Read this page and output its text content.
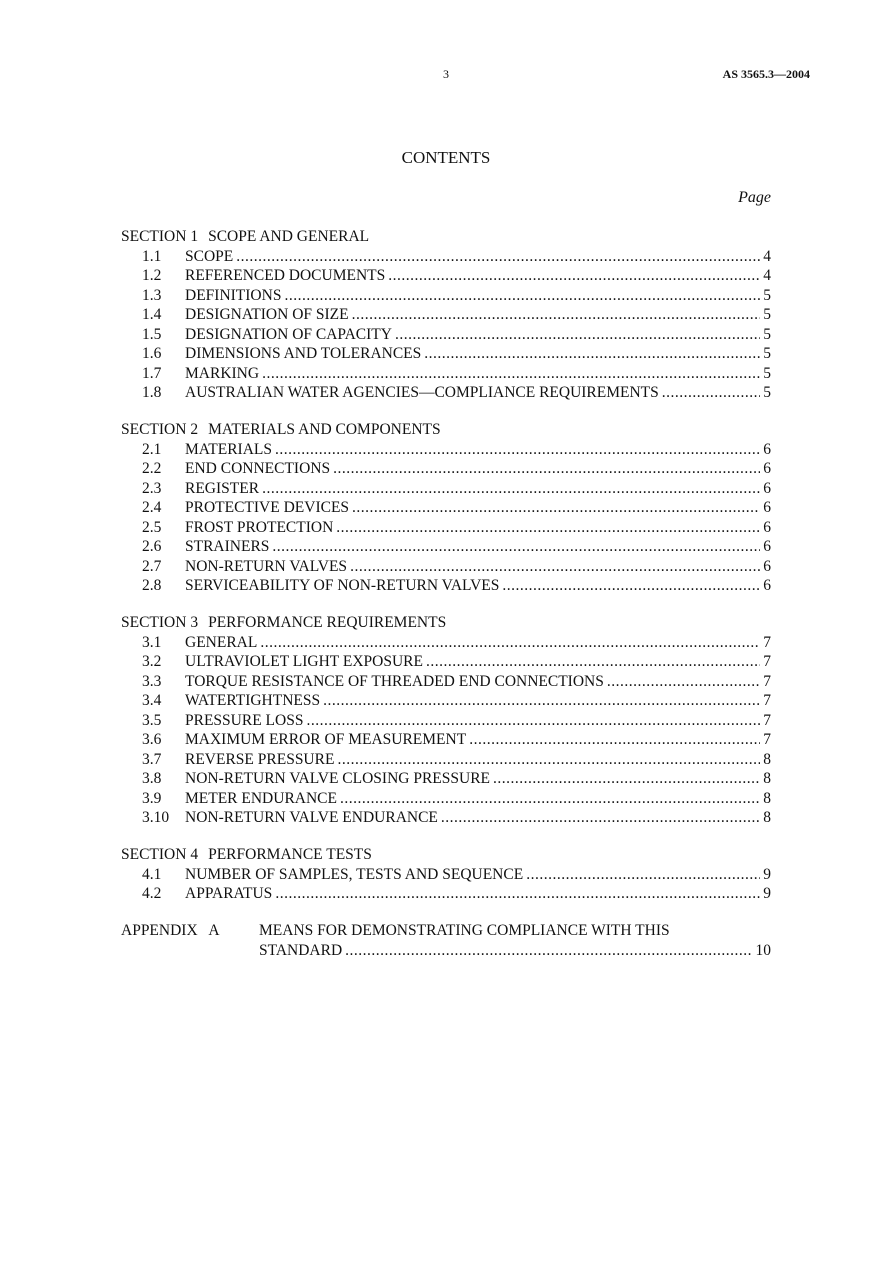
3	AS 3565.3—2004
CONTENTS
Page
SECTION 1 SCOPE AND GENERAL
1.1	SCOPE .....	4
1.2	REFERENCED DOCUMENTS .....	4
1.3	DEFINITIONS .....	5
1.4	DESIGNATION OF SIZE .....	5
1.5	DESIGNATION OF CAPACITY .....	5
1.6	DIMENSIONS AND TOLERANCES .....	5
1.7	MARKING .....	5
1.8	AUSTRALIAN WATER AGENCIES—COMPLIANCE REQUIREMENTS .....	5
SECTION 2 MATERIALS AND COMPONENTS
2.1	MATERIALS .....	6
2.2	END CONNECTIONS .....	6
2.3	REGISTER .....	6
2.4	PROTECTIVE DEVICES .....	6
2.5	FROST PROTECTION .....	6
2.6	STRAINERS .....	6
2.7	NON-RETURN VALVES .....	6
2.8	SERVICEABILITY OF NON-RETURN VALVES .....	6
SECTION 3 PERFORMANCE REQUIREMENTS
3.1	GENERAL .....	7
3.2	ULTRAVIOLET LIGHT EXPOSURE .....	7
3.3	TORQUE RESISTANCE OF THREADED END CONNECTIONS .....	7
3.4	WATERTIGHTNESS .....	7
3.5	PRESSURE LOSS .....	7
3.6	MAXIMUM ERROR OF MEASUREMENT .....	7
3.7	REVERSE PRESSURE .....	8
3.8	NON-RETURN VALVE CLOSING PRESSURE .....	8
3.9	METER ENDURANCE .....	8
3.10	NON-RETURN VALVE ENDURANCE .....	8
SECTION 4 PERFORMANCE TESTS
4.1	NUMBER OF SAMPLES, TESTS AND SEQUENCE .....	9
4.2	APPARATUS .....	9
APPENDIX   A	MEANS FOR DEMONSTRATING COMPLIANCE WITH THIS
STANDARD .....	10
